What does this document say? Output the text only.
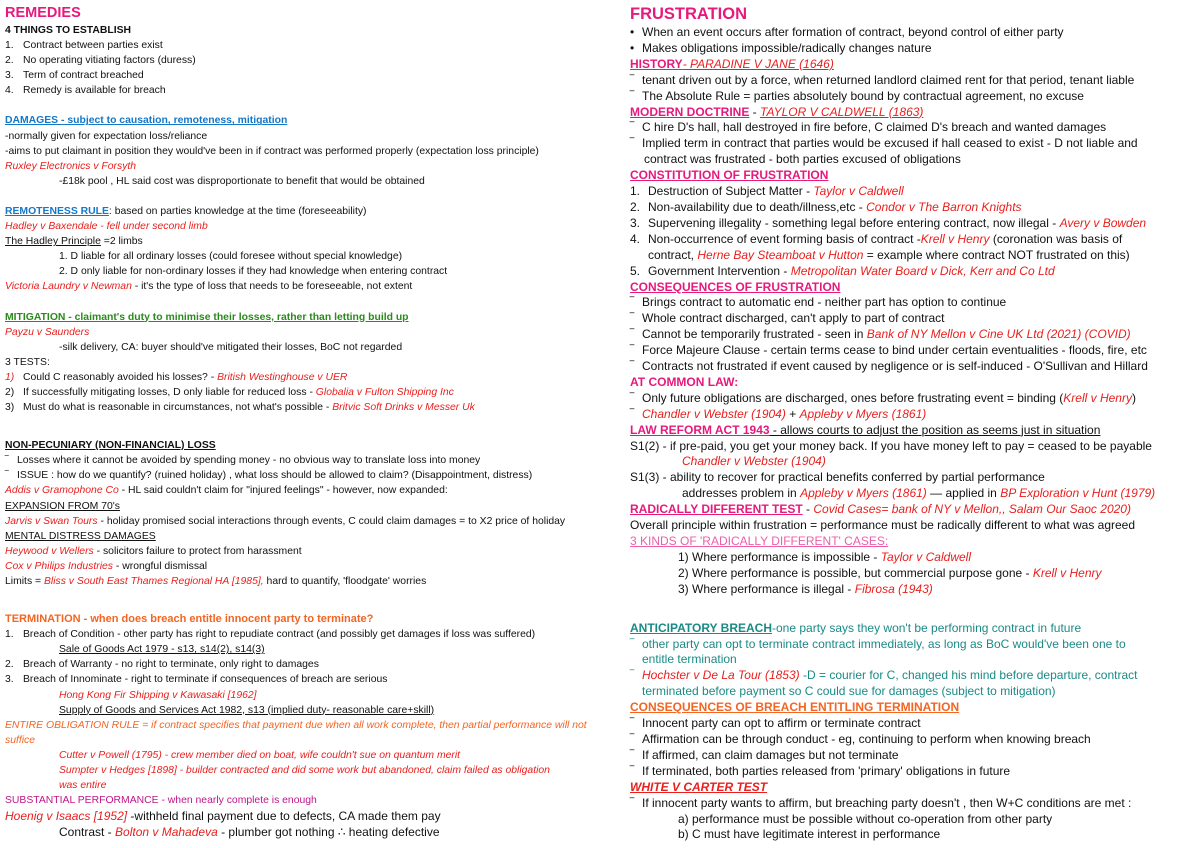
REMEDIES
4 THINGS TO ESTABLISH
1. Contract between parties exist
2. No operating vitiating factors (duress)
3. Term of contract breached
4. Remedy is available for breach
DAMAGES - subject to causation, remoteness, mitigation
-normally given for expectation loss/reliance
-aims to put claimant in position they would've been in if contract was performed properly (expectation loss principle)
Ruxley Electronics v Forsyth
-£18k pool , HL said cost was disproportionate to benefit that would be obtained
REMOTENESS RULE: based on parties knowledge at the time (foreseeability)
Hadley v Baxendale - fell under second limb
The Hadley Principle =2 limbs
1. D liable for all ordinary losses (could foresee without special knowledge)
2. D only liable for non-ordinary losses if they had knowledge when entering contract
Victoria Laundry v Newman - it's the type of loss that needs to be foreseeable, not extent
MITIGATION - claimant's duty to minimise their losses, rather than letting build up
Payzu v Saunders
-silk delivery, CA: buyer should've mitigated their losses, BoC not regarded
3 TESTS:
1) Could C reasonably avoided his losses? - British Westinghouse v UER
2) If successfully mitigating losses, D only liable for reduced loss - Globalia v Fulton Shipping Inc
3) Must do what is reasonable in circumstances, not what's possible - Britvic Soft Drinks v Messer Uk
NON-PECUNIARY (NON-FINANCIAL) LOSS
‾ Losses where it cannot be avoided by spending money - no obvious way to translate loss into money
‾ ISSUE : how do we quantify? (ruined holiday) , what loss should be allowed to claim? (Disappointment, distress)
Addis v Gramophone Co - HL said couldn't claim for "injured feelings" - however, now expanded:
EXPANSION FROM 70's
Jarvis v Swan Tours - holiday promised social interactions through events, C could claim damages = to X2 price of holiday
MENTAL DISTRESS DAMAGES
Heywood v Wellers - solicitors failure to protect from harassment
Cox v Philips Industries - wrongful dismissal
Limits = Bliss v South East Thames Regional HA [1985], hard to quantify, 'floodgate' worries
TERMINATION - when does breach entitle innocent party to terminate?
1. Breach of Condition - other party has right to repudiate contract (and possibly get damages if loss was suffered)
Sale of Goods Act 1979 - s13, s14(2), s14(3)
2. Breach of Warranty - no right to terminate, only right to damages
3. Breach of Innominate - right to terminate if consequences of breach are serious
Hong Kong Fir Shipping v Kawasaki [1962]
Supply of Goods and Services Act 1982, s13 (implied duty- reasonable care+skill)
ENTIRE OBLIGATION RULE = if contract specifies that payment due when all work complete, then partial performance will not suffice
Cutter v Powell (1795) - crew member died on boat, wife couldn't sue on quantum merit
Sumpter v Hedges [1898] - builder contracted and did some work but abandoned, claim failed as obligation
was entire
SUBSTANTIAL PERFORMANCE - when nearly complete is enough
Hoenig v Isaacs [1952] -withheld final payment due to defects, CA made them pay
Contrast - Bolton v Mahadeva - plumber got nothing ∴ heating defective
FRUSTRATION
• When an event occurs after formation of contract, beyond control of either party
• Makes obligations impossible/radically changes nature
HISTORY- PARADINE V JANE (1646)
‾ tenant driven out by a force, when returned landlord claimed rent for that period, tenant liable
‾ The Absolute Rule = parties absolutely bound by contractual agreement, no excuse
MODERN DOCTRINE - TAYLOR V CALDWELL (1863)
‾ C hire D's hall, hall destroyed in fire before, C claimed D's breach and wanted damages
‾ Implied term in contract that parties would be excused if hall ceased to exist - D not liable and
contract was frustrated - both parties excused of obligations
CONSTITUTION OF FRUSTRATION
1. Destruction of Subject Matter - Taylor v Caldwell
2. Non-availability due to death/illness,etc - Condor v The Barron Knights
3. Supervening illegality - something legal before entering contract, now illegal - Avery v Bowden
4. Non-occurrence of event forming basis of contract -Krell v Henry (coronation was basis of
contract, Herne Bay Steamboat v Hutton = example where contract NOT frustrated on this)
5. Government Intervention - Metropolitan Water Board v Dick, Kerr and Co Ltd
CONSEQUENCES OF FRUSTRATION
‾ Brings contract to automatic end - neither part has option to continue
‾ Whole contract discharged, can't apply to part of contract
‾ Cannot be temporarily frustrated - seen in Bank of NY Mellon v Cine UK Ltd (2021) (COVID)
‾ Force Majeure Clause - certain terms cease to bind under certain eventualities - floods, fire, etc
‾ Contracts not frustrated if event caused by negligence or is self-induced - O'Sullivan and Hillard
AT COMMON LAW:
‾ Only future obligations are discharged, ones before frustrating event = binding (Krell v Henry)
‾ Chandler v Webster (1904) + Appleby v Myers (1861)
LAW REFORM ACT 1943 - allows courts to adjust the position as seems just in situation
S1(2) - if pre-paid, you get your money back. If you have money left to pay = ceased to be payable
Chandler v Webster (1904)
S1(3) - ability to recover for practical benefits conferred by partial performance
addresses problem in Appleby v Myers (1861) — applied in BP Exploration v Hunt (1979)
RADICALLY DIFFERENT TEST - Covid Cases= bank of NY v Mellon,, Salam Our Saoc 2020)
Overall principle within frustration = performance must be radically different to what was agreed
3 KINDS OF 'RADICALLY DIFFERENT' CASES:
1) Where performance is impossible - Taylor v Caldwell
2) Where performance is possible, but commercial purpose gone - Krell v Henry
3) Where performance is illegal - Fibrosa (1943)
ANTICIPATORY BREACH-one party says they won't be performing contract in future
‾ other party can opt to terminate contract immediately, as long as BoC would've been one to
entitle termination
‾ Hochster v De La Tour (1853) -D = courier for C, changed his mind before departure, contract
terminated before payment so C could sue for damages (subject to mitigation)
CONSEQUENCES OF BREACH ENTITLING TERMINATION
‾ Innocent party can opt to affirm or terminate contract
‾ Affirmation can be through conduct - eg, continuing to perform when knowing breach
‾ If affirmed, can claim damages but not terminate
‾ If terminated, both parties released from 'primary' obligations in future
WHITE V CARTER TEST
‾ If innocent party wants to affirm, but breaching party doesn't , then W+C conditions are met :
a) performance must be possible without co-operation from other party
b) C must have legitimate interest in performance
